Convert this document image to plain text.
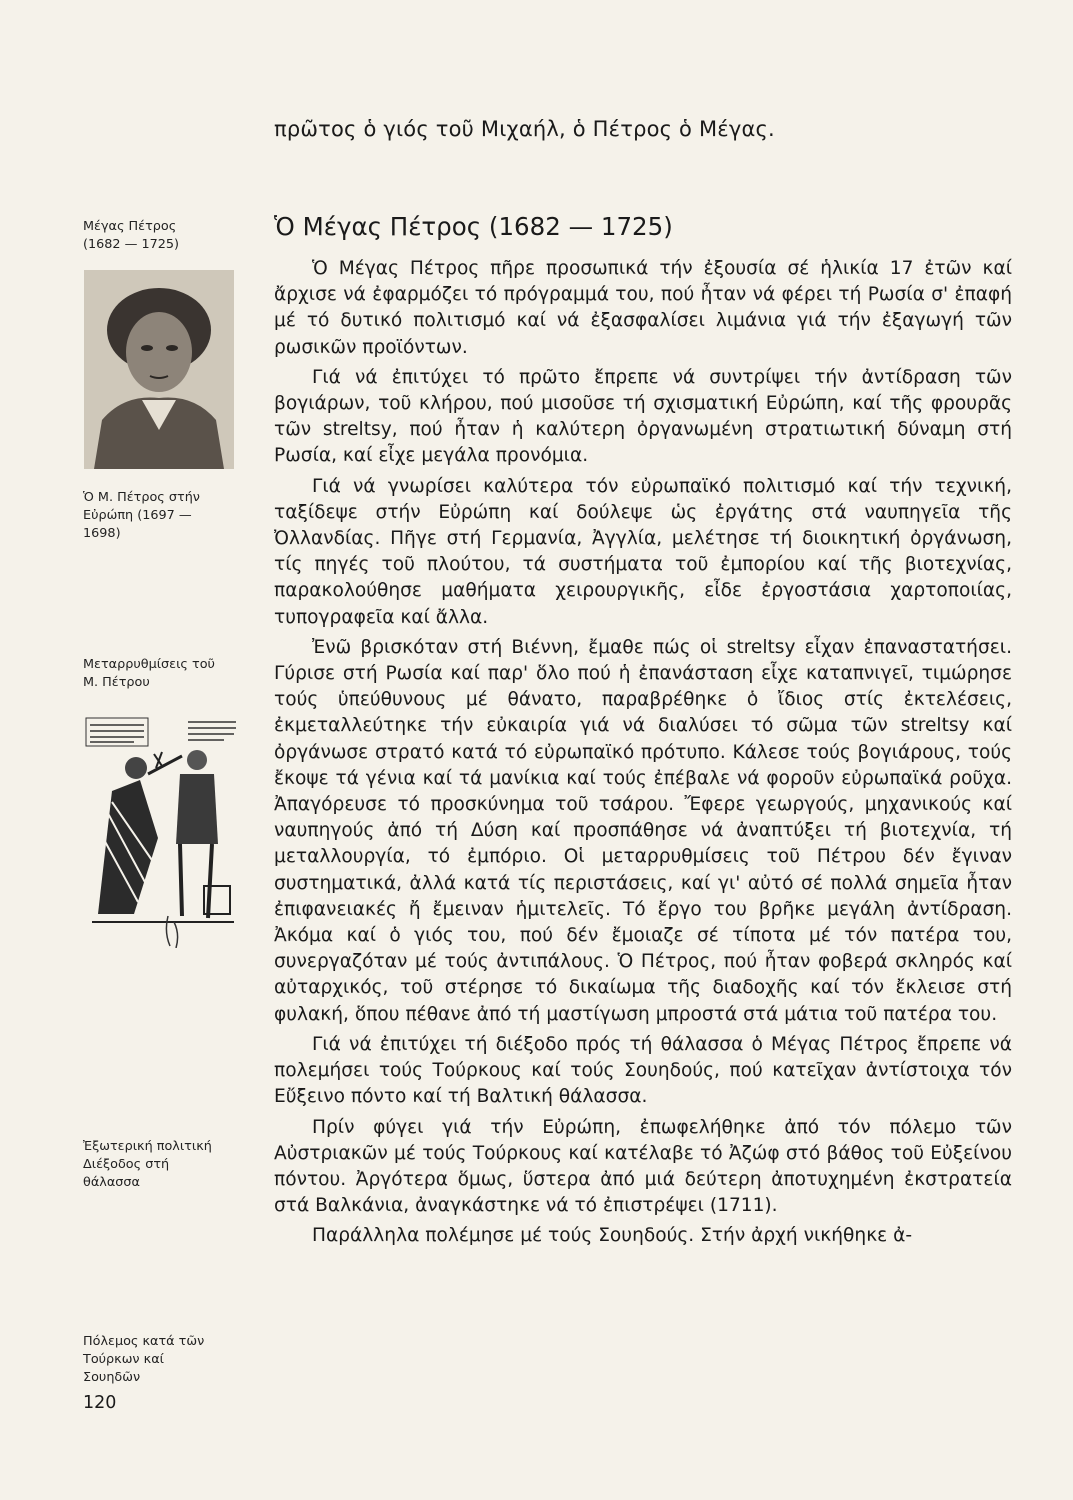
πρῶτος ὁ γιός τοῦ Μιχαήλ, ὁ Πέτρος ὁ Μέγας.
Ὁ Μέγας Πέτρος (1682 — 1725)

Ὁ Μέγας Πέτρος πῆρε προσωπικά τήν ἐξουσία σέ ἡλικία 17 ἐτῶν καί ἄρχισε νά ἐφαρμόζει τό πρόγραμμά του, πού ἦταν νά φέρει τή Ρωσία σ' ἐπαφή μέ τό δυτικό πολιτισμό καί νά ἐξασφαλίσει λιμάνια γιά τήν ἐξαγωγή τῶν ρωσικῶν προϊόντων.

Γιά νά ἐπιτύχει τό πρῶτο ἔπρεπε νά συντρίψει τήν ἀντίδραση τῶν βογιάρων, τοῦ κλήρου, πού μισοῦσε τή σχισματική Εὐρώπη, καί τῆς φρουρᾶς τῶν streltsy, πού ἦταν ἡ καλύτερη ὀργανωμένη στρατιωτική δύναμη στή Ρωσία, καί εἶχε μεγάλα προνόμια.

Γιά νά γνωρίσει καλύτερα τόν εὐρωπαϊκό πολιτισμό καί τήν τεχνική, ταξίδεψε στήν Εὐρώπη καί δούλεψε ὡς ἐργάτης στά ναυπηγεῖα τῆς Ὀλλανδίας. Πῆγε στή Γερμανία, Ἀγγλία, μελέτησε τή διοικητική ὀργάνωση, τίς πηγές τοῦ πλούτου, τά συστήματα τοῦ ἐμπορίου καί τῆς βιοτεχνίας, παρακολούθησε μαθήματα χειρουργικῆς, εἶδε ἐργοστάσια χαρτοποιίας, τυπογραφεῖα καί ἄλλα.

Ἐνῶ βρισκόταν στή Βιέννη, ἔμαθε πώς οἱ streltsy εἶχαν ἐπαναστατήσει. Γύρισε στή Ρωσία καί παρ' ὅλο πού ἡ ἐπανάσταση εἶχε καταπνιγεῖ, τιμώρησε τούς ὑπεύθυνους μέ θάνατο, παραβρέθηκε ὁ ἴδιος στίς ἐκτελέσεις, ἐκμεταλλεύτηκε τήν εὐκαιρία γιά νά διαλύσει τό σῶμα τῶν streltsy καί ὀργάνωσε στρατό κατά τό εὐρωπαϊκό πρότυπο. Κάλεσε τούς βογιάρους, τούς ἔκοψε τά γένια καί τά μανίκια καί τούς ἐπέβαλε νά φοροῦν εὐρωπαϊκά ροῦχα. Ἀπαγόρευσε τό προσκύνημα τοῦ τσάρου. Ἔφερε γεωργούς, μηχανικούς καί ναυπηγούς ἀπό τή Δύση καί προσπάθησε νά ἀναπτύξει τή βιοτεχνία, τή μεταλλουργία, τό ἐμπόριο. Οἱ μεταρρυθμίσεις τοῦ Πέτρου δέν ἔγιναν συστηματικά, ἀλλά κατά τίς περιστάσεις, καί γι' αὐτό σέ πολλά σημεῖα ἦταν ἐπιφανειακές ἤ ἔμειναν ἡμιτελεῖς. Τό ἔργο του βρῆκε μεγάλη ἀντίδραση. Ἀκόμα καί ὁ γιός του, πού δέν ἔμοιαζε σέ τίποτα μέ τόν πατέρα του, συνεργαζόταν μέ τούς ἀντιπάλους. Ὁ Πέτρος, πού ἦταν φοβερά σκληρός καί αὐταρχικός, τοῦ στέρησε τό δικαίωμα τῆς διαδοχῆς καί τόν ἔκλεισε στή φυλακή, ὅπου πέθανε ἀπό τή μαστίγωση μπροστά στά μάτια τοῦ πατέρα του.

Γιά νά ἐπιτύχει τή διέξοδο πρός τή θάλασσα ὁ Μέγας Πέτρος ἔπρεπε νά πολεμήσει τούς Τούρκους καί τούς Σουηδούς, πού κατεῖχαν ἀντίστοιχα τόν Εὔξεινο πόντο καί τή Βαλτική θάλασσα.

Πρίν φύγει γιά τήν Εὐρώπη, ἐπωφελήθηκε ἀπό τόν πόλεμο τῶν Αὐστριακῶν μέ τούς Τούρκους καί κατέλαβε τό Ἀζώφ στό βάθος τοῦ Εὐξείνου πόντου. Ἀργότερα ὅμως, ὕστερα ἀπό μιά δεύτερη ἀποτυχημένη ἐκστρατεία στά Βαλκάνια, ἀναγκάστηκε νά τό ἐπιστρέψει (1711).

Παράλληλα πολέμησε μέ τούς Σουηδούς. Στήν ἀρχή νικήθηκε ἀ-

Μέγας Πέτρος
(1682 — 1725)
Ὁ Μ. Πέτρος στήν
Εὐρώπη (1697 —
1698)
Μεταρρυθμίσεις τοῦ
Μ. Πέτρου
Ἐξωτερική πολιτική
Διέξοδος στή
θάλασσα
Πόλεμος κατά τῶν
Τούρκων καί
Σουηδῶν
120
